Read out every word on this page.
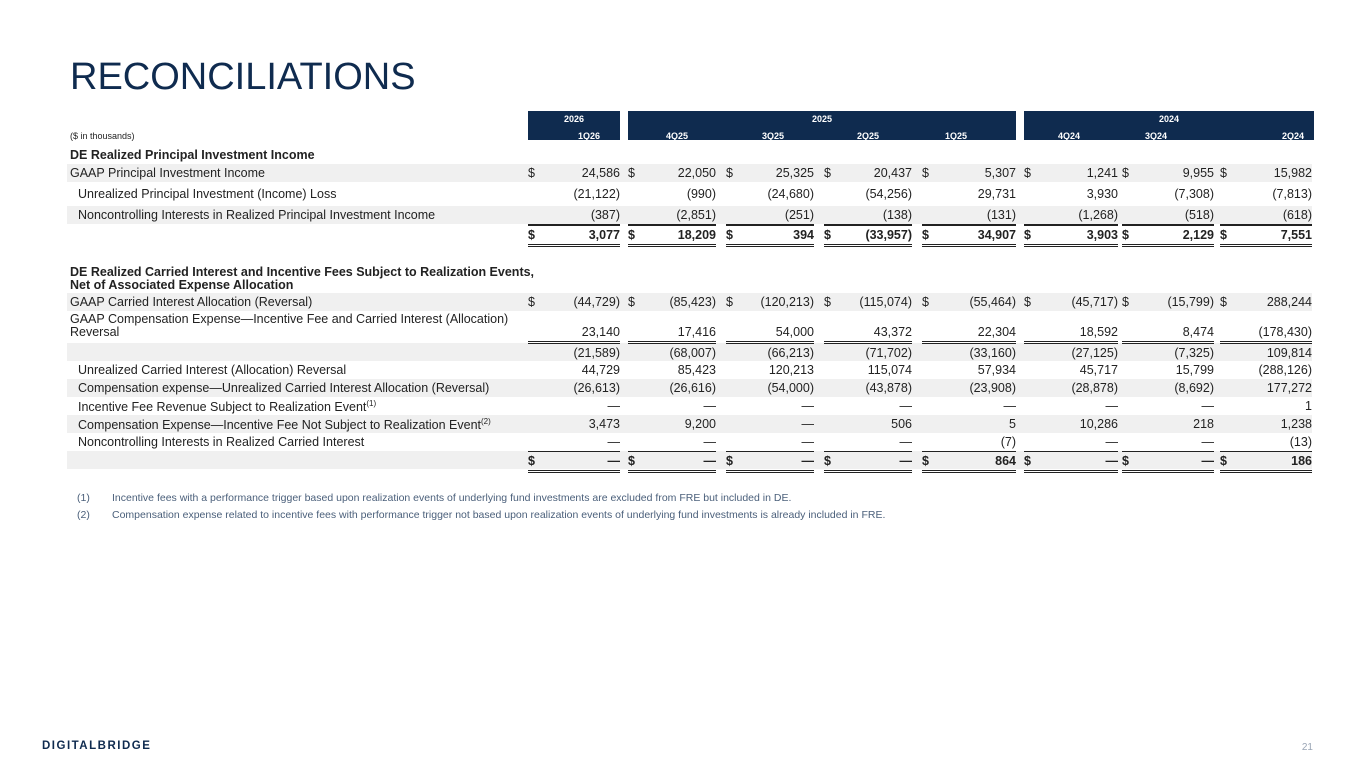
RECONCILIATIONS
2026	2025	2024
($ in thousands)	1Q26	4Q25	3Q25	2Q25	1Q25	4Q24	3Q24	2Q24
DE Realized Principal Investment Income
GAAP Principal Investment Income	$	24,586 $	22,050 $	25,325 $	20,437 $	5,307 $	1,241 $	9,955 $	15,982
Unrealized Principal Investment (Income) Loss	(21,122)	(990)	(24,680)	(54,256)	29,731	3,930	(7,308)	(7,813)
Noncontrolling Interests in Realized Principal Investment Income	(387)	(2,851)	(251)	(138)	(131)	(1,268)	(518)	(618)
$	3,077 $	18,209 $	394 $	(33,957) $	34,907 $	3,903 $	2,129 $	7,551
DE Realized Carried Interest and Incentive Fees Subject to Realization Events, Net of Associated Expense Allocation
GAAP Carried Interest Allocation (Reversal)	$	(44,729) $	(85,423) $ (120,213) $ (115,074) $	(55,464) $	(45,717) $	(15,799) $	288,244
GAAP Compensation Expense—Incentive Fee and Carried Interest (Allocation) Reversal	23,140	17,416	54,000	43,372	22,304	18,592	8,474	(178,430)
(21,589)	(68,007)	(66,213)	(71,702)	(33,160)	(27,125)	(7,325)	109,814
Unrealized Carried Interest (Allocation) Reversal	44,729	85,423	120,213	115,074	57,934	45,717	15,799	(288,126)
Compensation expense—Unrealized Carried Interest Allocation (Reversal)	(26,613)	(26,616)	(54,000)	(43,878)	(23,908)	(28,878)	(8,692)	177,272
Incentive Fee Revenue Subject to Realization Event$^{(1)}$	—	—	—	—	—	—	—	1
Compensation Expense—Incentive Fee Not Subject to Realization Event$^{(2)}$	3,473	9,200	—	506	5	10,286	218	1,238
Noncontrolling Interests in Realized Carried Interest	—	—	—	—	(7)	—	—	(13)
$	— $	— $	— $	— $	864 $	— $	— $	186
(1) Incentive fees with a performance trigger based upon realization events of underlying fund investments are excluded from FRE but included in DE.
(2) Compensation expense related to incentive fees with performance trigger not based upon realization events of underlying fund investments is already included in FRE.
DIGITALBRIDGE	21
